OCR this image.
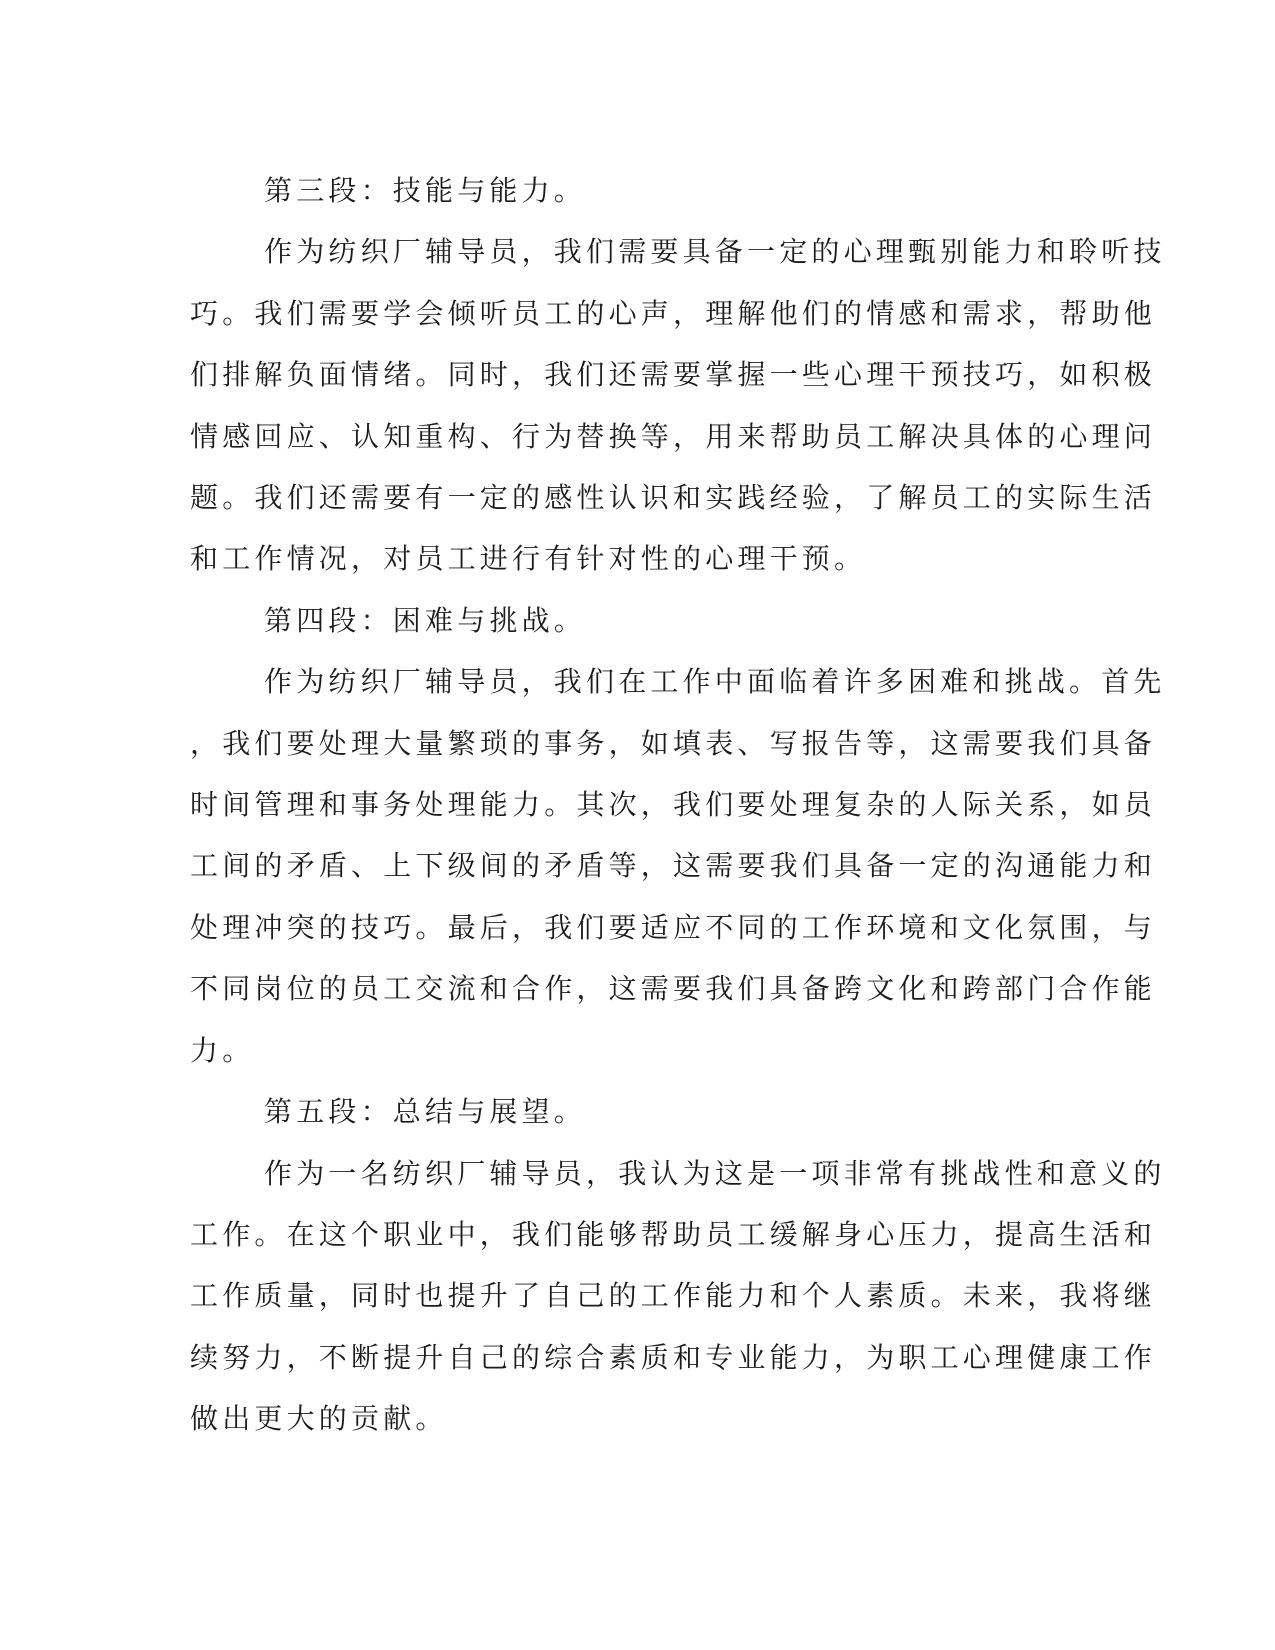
第三段：技能与能力。

作为纺织厂辅导员，我们需要具备一定的心理甄别能力和聆听技
巧。我们需要学会倾听员工的心声，理解他们的情感和需求，帮助他
们排解负面情绪。同时，我们还需要掌握一些心理干预技巧，如积极
情感回应、认知重构、行为替换等，用来帮助员工解决具体的心理问
题。我们还需要有一定的感性认识和实践经验，了解员工的实际生活
和工作情况，对员工进行有针对性的心理干预。

第四段：困难与挑战。

作为纺织厂辅导员，我们在工作中面临着许多困难和挑战。首先
，我们要处理大量繁琐的事务，如填表、写报告等，这需要我们具备
时间管理和事务处理能力。其次，我们要处理复杂的人际关系，如员
工间的矛盾、上下级间的矛盾等，这需要我们具备一定的沟通能力和
处理冲突的技巧。最后，我们要适应不同的工作环境和文化氛围，与
不同岗位的员工交流和合作，这需要我们具备跨文化和跨部门合作能
力。

第五段：总结与展望。

作为一名纺织厂辅导员，我认为这是一项非常有挑战性和意义的
工作。在这个职业中，我们能够帮助员工缓解身心压力，提高生活和
工作质量，同时也提升了自己的工作能力和个人素质。未来，我将继
续努力，不断提升自己的综合素质和专业能力，为职工心理健康工作
做出更大的贡献。
